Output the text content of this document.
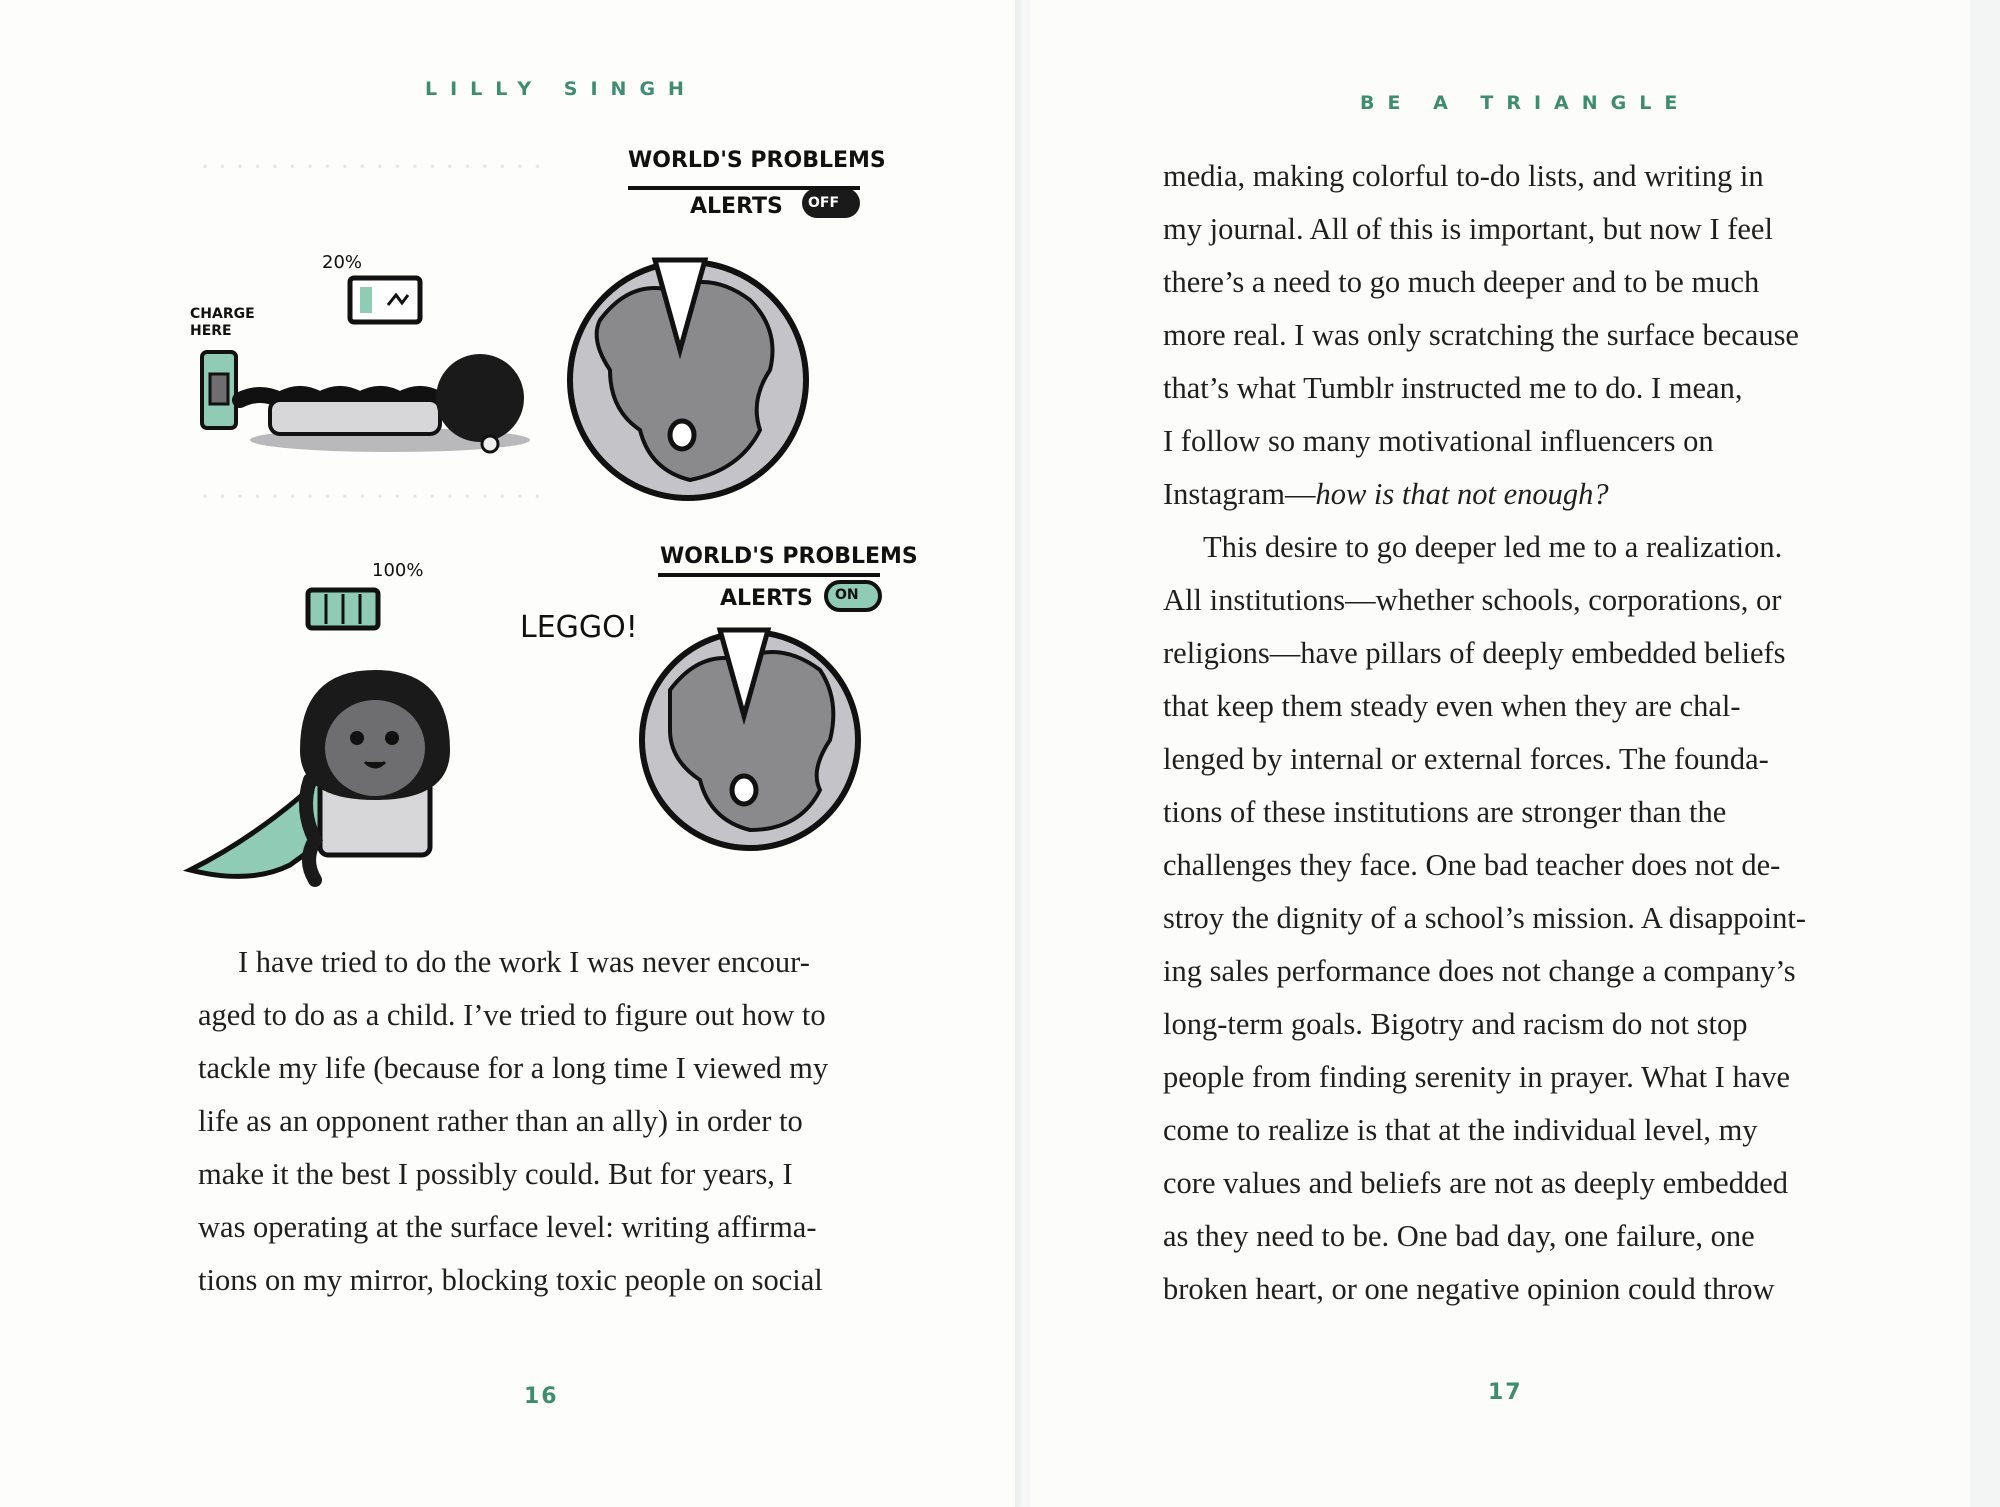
LILLY SINGH
· · · · · · · · · · · · · · · · · · · ·
· · · · · · · · · · · · · · · · · · · ·
WORLD'S PROBLEMS
ALERTS OFF
20%
CHARGE HERE
WORLD'S PROBLEMS
ALERTS ON
100%
LEGGO!

I have tried to do the work I was never encour-

aged to do as a child. I’ve tried to figure out how to

tackle my life (because for a long time I viewed my

life as an opponent rather than an ally) in order to

make it the best I possibly could. But for years, I

was operating at the surface level: writing affirma-

tions on my mirror, blocking toxic people on social

16
BE A TRIANGLE

media, making colorful to-do lists, and writing in

my journal. All of this is important, but now I feel

there’s a need to go much deeper and to be much

more real. I was only scratching the surface because

that’s what Tumblr instructed me to do. I mean,

I follow so many motivational influencers on

Instagram—how is that not enough?

This desire to go deeper led me to a realization.

All institutions—whether schools, corporations, or

religions—have pillars of deeply embedded beliefs

that keep them steady even when they are chal-

lenged by internal or external forces. The founda-

tions of these institutions are stronger than the

challenges they face. One bad teacher does not de-

stroy the dignity of a school’s mission. A disappoint-

ing sales performance does not change a company’s

long-term goals. Bigotry and racism do not stop

people from finding serenity in prayer. What I have

come to realize is that at the individual level, my

core values and beliefs are not as deeply embedded

as they need to be. One bad day, one failure, one

broken heart, or one negative opinion could throw

17
